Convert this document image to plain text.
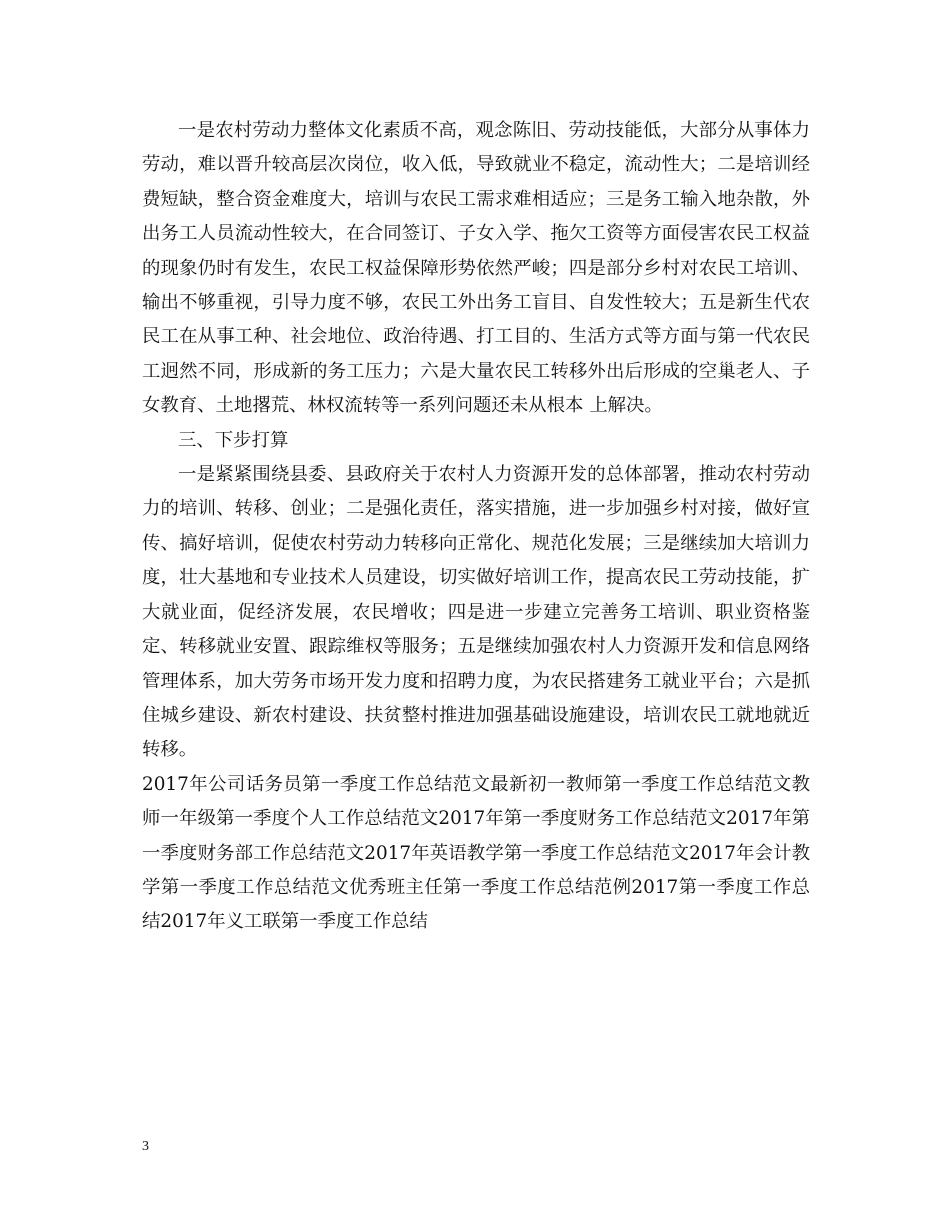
一是农村劳动力整体文化素质不高，观念陈旧、劳动技能低，大部分从事体力劳动，难以晋升较高层次岗位，收入低，导致就业不稳定，流动性大；二是培训经费短缺，整合资金难度大，培训与农民工需求难相适应；三是务工输入地杂散，外出务工人员流动性较大，在合同签订、子女入学、拖欠工资等方面侵害农民工权益的现象仍时有发生，农民工权益保障形势依然严峻；四是部分乡村对农民工培训、输出不够重视，引导力度不够，农民工外出务工盲目、自发性较大；五是新生代农民工在从事工种、社会地位、政治待遇、打工目的、生活方式等方面与第一代农民工迥然不同，形成新的务工压力；六是大量农民工转移外出后形成的空巢老人、子女教育、土地撂荒、林权流转等一系列问题还未从根本 上解决。

三、下步打算

一是紧紧围绕县委、县政府关于农村人力资源开发的总体部署，推动农村劳动力的培训、转移、创业；二是强化责任，落实措施，进一步加强乡村对接，做好宣传、搞好培训，促使农村劳动力转移向正常化、规范化发展；三是继续加大培训力度，壮大基地和专业技术人员建设，切实做好培训工作，提高农民工劳动技能，扩大就业面，促经济发展，农民增收；四是进一步建立完善务工培训、职业资格鉴定、转移就业安置、跟踪维权等服务；五是继续加强农村人力资源开发和信息网络管理体系，加大劳务市场开发力度和招聘力度，为农民搭建务工就业平台；六是抓住城乡建设、新农村建设、扶贫整村推进加强基础设施建设，培训农民工就地就近转移。

2017年公司话务员第一季度工作总结范文最新初一教师第一季度工作总结范文教师一年级第一季度个人工作总结范文2017年第一季度财务工作总结范文2017年第一季度财务部工作总结范文2017年英语教学第一季度工作总结范文2017年会计教学第一季度工作总结范文优秀班主任第一季度工作总结范例2017第一季度工作总结2017年义工联第一季度工作总结

3
